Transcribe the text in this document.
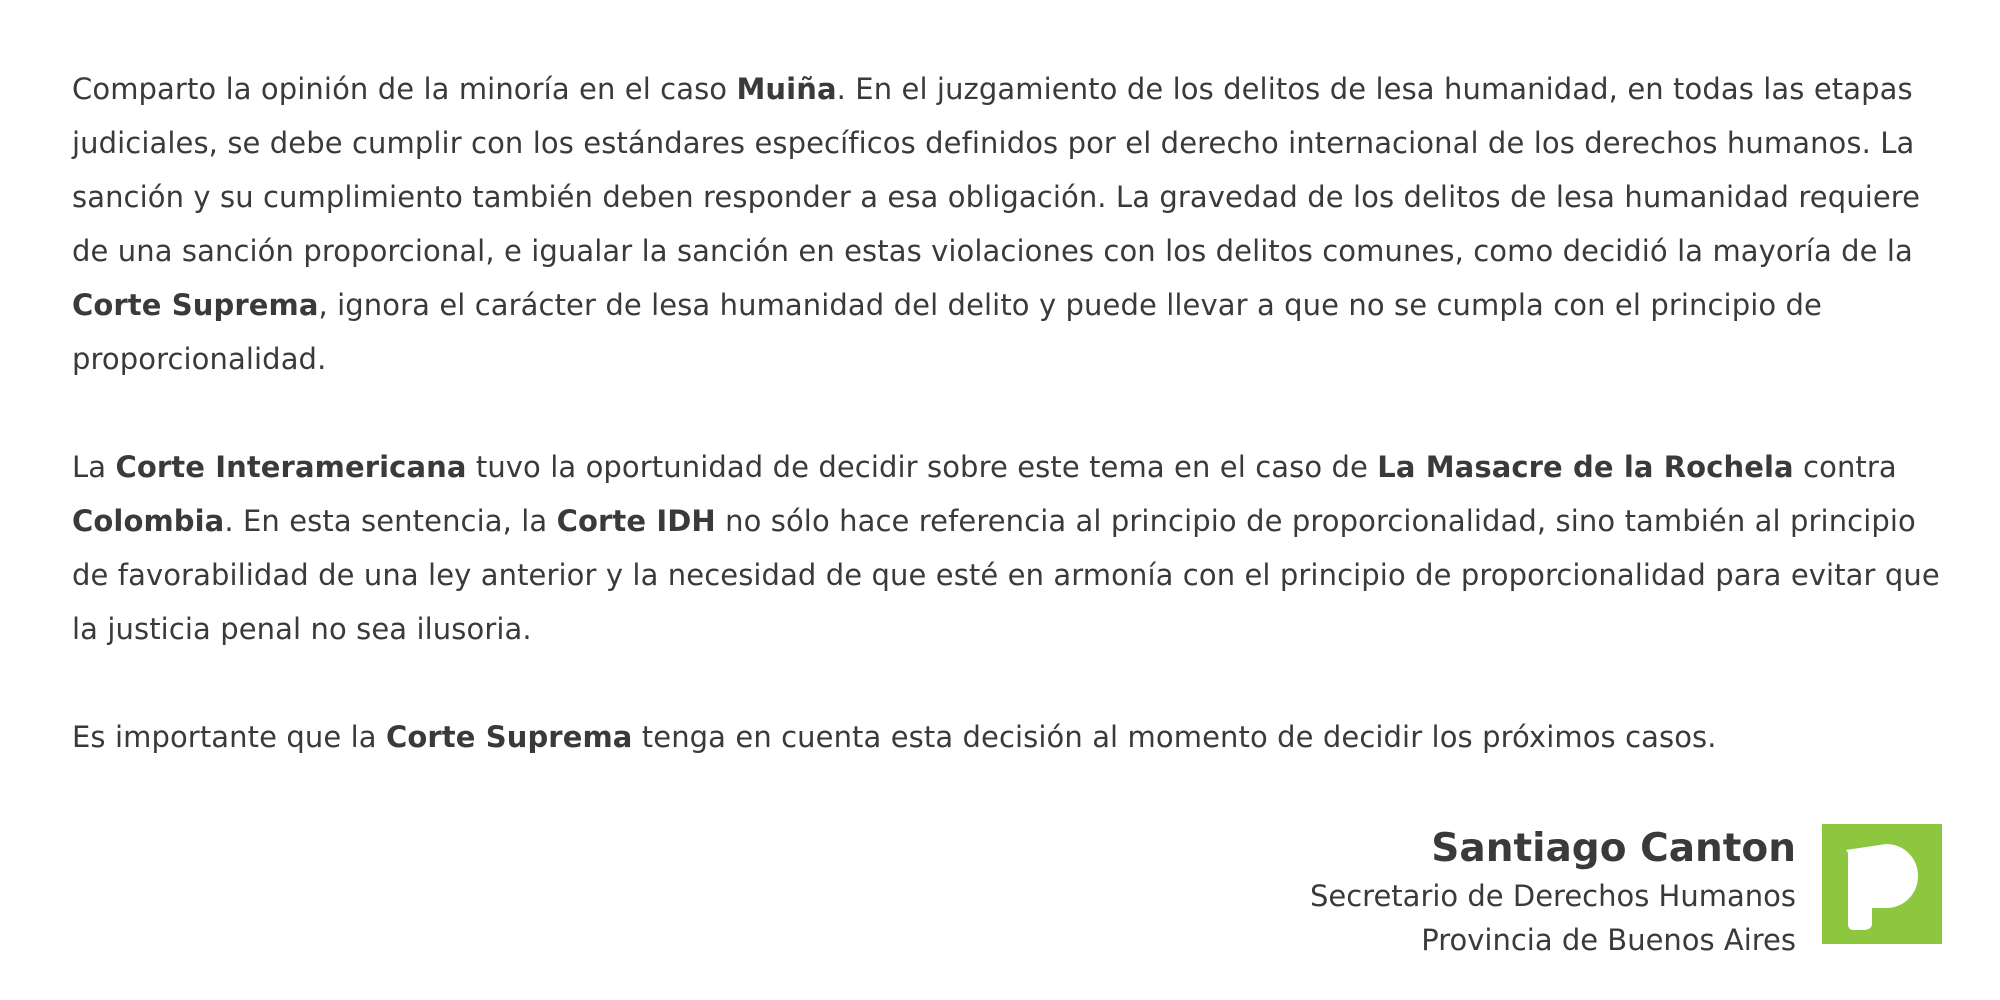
Comparto la opinión de la minoría en el caso Muiña. En el juzgamiento de los delitos de lesa humanidad, en todas las etapas judiciales, se debe cumplir con los estándares específicos definidos por el derecho internacional de los derechos humanos. La sanción y su cumplimiento también deben responder a esa obligación. La gravedad de los delitos de lesa humanidad requiere de una sanción proporcional, e igualar la sanción en estas violaciones con los delitos comunes, como decidió la mayoría de la Corte Suprema, ignora el carácter de lesa humanidad del delito y puede llevar a que no se cumpla con el principio de proporcionalidad.

La Corte Interamericana tuvo la oportunidad de decidir sobre este tema en el caso de La Masacre de la Rochela contra Colombia. En esta sentencia, la Corte IDH no sólo hace referencia al principio de proporcionalidad, sino también al principio de favorabilidad de una ley anterior y la necesidad de que esté en armonía con el principio de proporcionalidad para evitar que la justicia penal no sea ilusoria.

Es importante que la Corte Suprema tenga en cuenta esta decisión al momento de decidir los próximos casos.

Santiago Canton
Secretario de Derechos Humanos
Provincia de Buenos Aires
